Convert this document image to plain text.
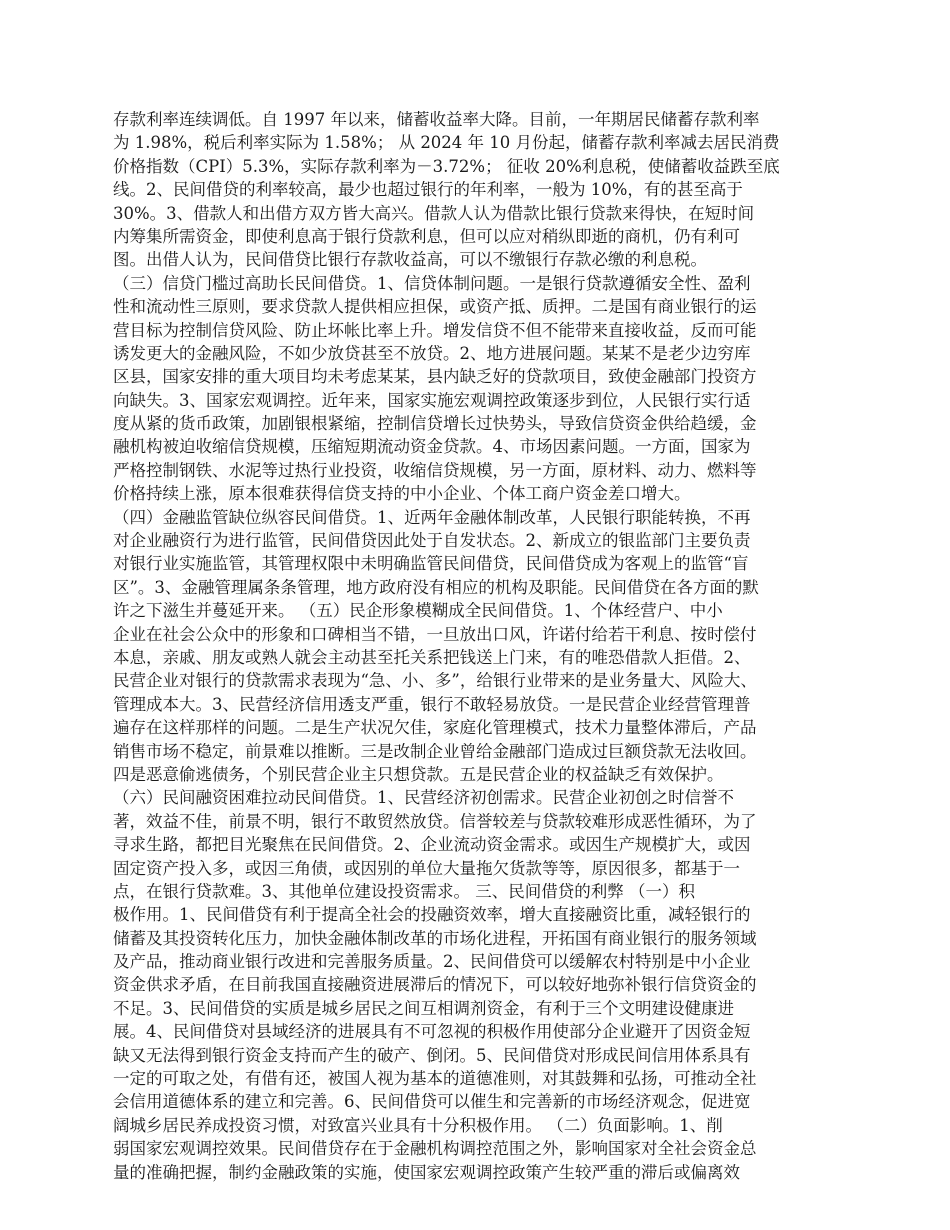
存款利率连续调低。自 1997 年以来，储蓄收益率大降。目前，一年期居民储蓄存款利率
为 1.98%，税后利率实际为 1.58%； 从 2024 年 10 月份起，储蓄存款利率减去居民消费
价格指数（CPI）5.3%，实际存款利率为－3.72%； 征收 20%利息税，使储蓄收益跌至底
线。2、民间借贷的利率较高，最少也超过银行的年利率，一般为 10%，有的甚至高于
30%。3、借款人和出借方双方皆大高兴。借款人认为借款比银行贷款来得快，在短时间
内筹集所需资金，即使利息高于银行贷款利息，但可以应对稍纵即逝的商机，仍有利可
图。出借人认为，民间借贷比银行存款收益高，可以不缴银行存款必缴的利息税。
（三）信贷门槛过高助长民间借贷。1、信贷体制问题。一是银行贷款遵循安全性、盈利
性和流动性三原则，要求贷款人提供相应担保，或资产抵、质押。二是国有商业银行的运
营目标为控制信贷风险、防止坏帐比率上升。增发信贷不但不能带来直接收益，反而可能
诱发更大的金融风险，不如少放贷甚至不放贷。2、地方进展问题。某某不是老少边穷库
区县，国家安排的重大项目均未考虑某某，县内缺乏好的贷款项目，致使金融部门投资方
向缺失。3、国家宏观调控。近年来，国家实施宏观调控政策逐步到位，人民银行实行适
度从紧的货币政策，加剧银根紧缩，控制信贷增长过快势头，导致信贷资金供给趋缓，金
融机构被迫收缩信贷规模，压缩短期流动资金贷款。4、市场因素问题。一方面，国家为
严格控制钢铁、水泥等过热行业投资，收缩信贷规模，另一方面，原材料、动力、燃料等
价格持续上涨，原本很难获得信贷支持的中小企业、个体工商户资金差口增大。
（四）金融监管缺位纵容民间借贷。1、近两年金融体制改革，人民银行职能转换，不再
对企业融资行为进行监管，民间借贷因此处于自发状态。2、新成立的银监部门主要负责
对银行业实施监管，其管理权限中未明确监管民间借贷，民间借贷成为客观上的监管“盲
区”。3、金融管理属条条管理，地方政府没有相应的机构及职能。民间借贷在各方面的默
许之下滋生并蔓延开来。 （五）民企形象模糊成全民间借贷。1、个体经营户、中小
企业在社会公众中的形象和口碑相当不错，一旦放出口风，许诺付给若干利息、按时偿付
本息，亲戚、朋友或熟人就会主动甚至托关系把钱送上门来，有的唯恐借款人拒借。2、
民营企业对银行的贷款需求表现为“急、小、多”，给银行业带来的是业务量大、风险大、
管理成本大。3、民营经济信用透支严重，银行不敢轻易放贷。一是民营企业经营管理普
遍存在这样那样的问题。二是生产状况欠佳，家庭化管理模式，技术力量整体滞后，产品
销售市场不稳定，前景难以推断。三是改制企业曾给金融部门造成过巨额贷款无法收回。
四是恶意偷逃债务，个别民营企业主只想贷款。五是民营企业的权益缺乏有效保护。
（六）民间融资困难拉动民间借贷。1、民营经济初创需求。民营企业初创之时信誉不
著，效益不佳，前景不明，银行不敢贸然放贷。信誉较差与贷款较难形成恶性循环，为了
寻求生路，都把目光聚焦在民间借贷。2、企业流动资金需求。或因生产规模扩大，或因
固定资产投入多，或因三角债，或因别的单位大量拖欠货款等等，原因很多，都基于一
点，在银行贷款难。3、其他单位建设投资需求。 三、民间借贷的利弊 （一）积
极作用。1、民间借贷有利于提高全社会的投融资效率，增大直接融资比重，减轻银行的
储蓄及其投资转化压力，加快金融体制改革的市场化进程，开拓国有商业银行的服务领域
及产品，推动商业银行改进和完善服务质量。2、民间借贷可以缓解农村特别是中小企业
资金供求矛盾，在目前我国直接融资进展滞后的情况下，可以较好地弥补银行信贷资金的
不足。3、民间借贷的实质是城乡居民之间互相调剂资金，有利于三个文明建设健康进
展。4、民间借贷对县域经济的进展具有不可忽视的积极作用使部分企业避开了因资金短
缺又无法得到银行资金支持而产生的破产、倒闭。5、民间借贷对形成民间信用体系具有
一定的可取之处，有借有还，被国人视为基本的道德准则，对其鼓舞和弘扬，可推动全社
会信用道德体系的建立和完善。6、民间借贷可以催生和完善新的市场经济观念，促进宽
阔城乡居民养成投资习惯，对致富兴业具有十分积极作用。 （二）负面影响。1、削
弱国家宏观调控效果。民间借贷存在于金融机构调控范围之外，影响国家对全社会资金总
量的准确把握，制约金融政策的实施，使国家宏观调控政策产生较严重的滞后或偏离效
